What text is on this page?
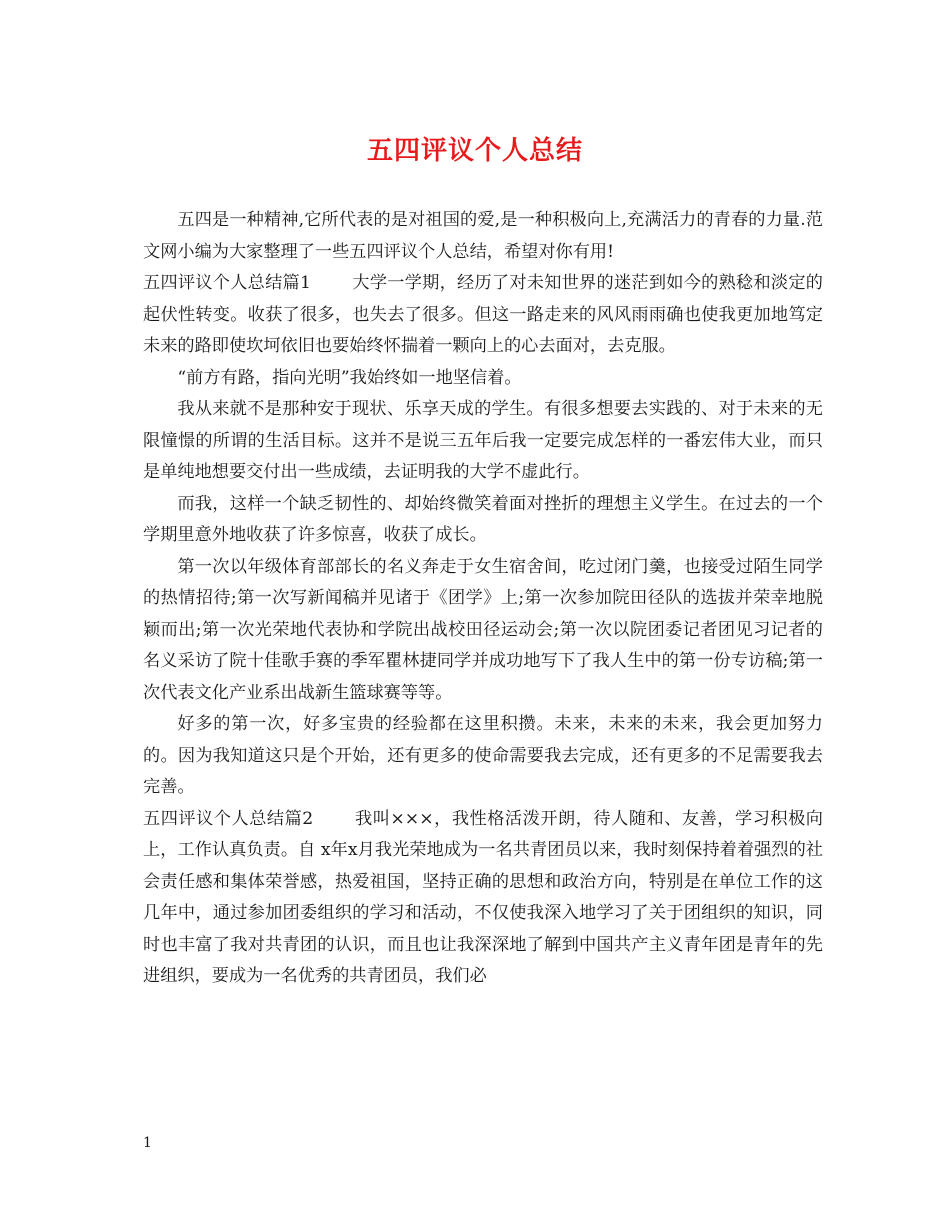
五四评议个人总结

五四是一种精神,它所代表的是对祖国的爱,是一种积极向上,充满活力的青春的力量.范文网小编为大家整理了一些五四评议个人总结，希望对你有用!

五四评议个人总结篇1 大学一学期，经历了对未知世界的迷茫到如今的熟稔和淡定的起伏性转变。收获了很多，也失去了很多。但这一路走来的风风雨雨确也使我更加地笃定未来的路即使坎坷依旧也要始终怀揣着一颗向上的心去面对，去克服。

“前方有路，指向光明”我始终如一地坚信着。

我从来就不是那种安于现状、乐享天成的学生。有很多想要去实践的、对于未来的无限憧憬的所谓的生活目标。这并不是说三五年后我一定要完成怎样的一番宏伟大业，而只是单纯地想要交付出一些成绩，去证明我的大学不虚此行。

而我，这样一个缺乏韧性的、却始终微笑着面对挫折的理想主义学生。在过去的一个学期里意外地收获了许多惊喜，收获了成长。

第一次以年级体育部部长的名义奔走于女生宿舍间，吃过闭门羹，也接受过陌生同学的热情招待;第一次写新闻稿并见诸于《团学》上;第一次参加院田径队的选拔并荣幸地脱颖而出;第一次光荣地代表协和学院出战校田径运动会;第一次以院团委记者团见习记者的名义采访了院十佳歌手赛的季军瞿林捷同学并成功地写下了我人生中的第一份专访稿;第一次代表文化产业系出战新生篮球赛等等。

好多的第一次，好多宝贵的经验都在这里积攒。未来，未来的未来，我会更加努力的。因为我知道这只是个开始，还有更多的使命需要我去完成，还有更多的不足需要我去完善。

五四评议个人总结篇2 我叫×××，我性格活泼开朗，待人随和、友善，学习积极向上，工作认真负责。自 x年x月我光荣地成为一名共青团员以来，我时刻保持着着强烈的社会责任感和集体荣誉感，热爱祖国，坚持正确的思想和政治方向，特别是在单位工作的这几年中，通过参加团委组织的学习和活动，不仅使我深入地学习了关于团组织的知识，同时也丰富了我对共青团的认识，而且也让我深深地了解到中国共产主义青年团是青年的先进组织，要成为一名优秀的共青团员，我们必

1
